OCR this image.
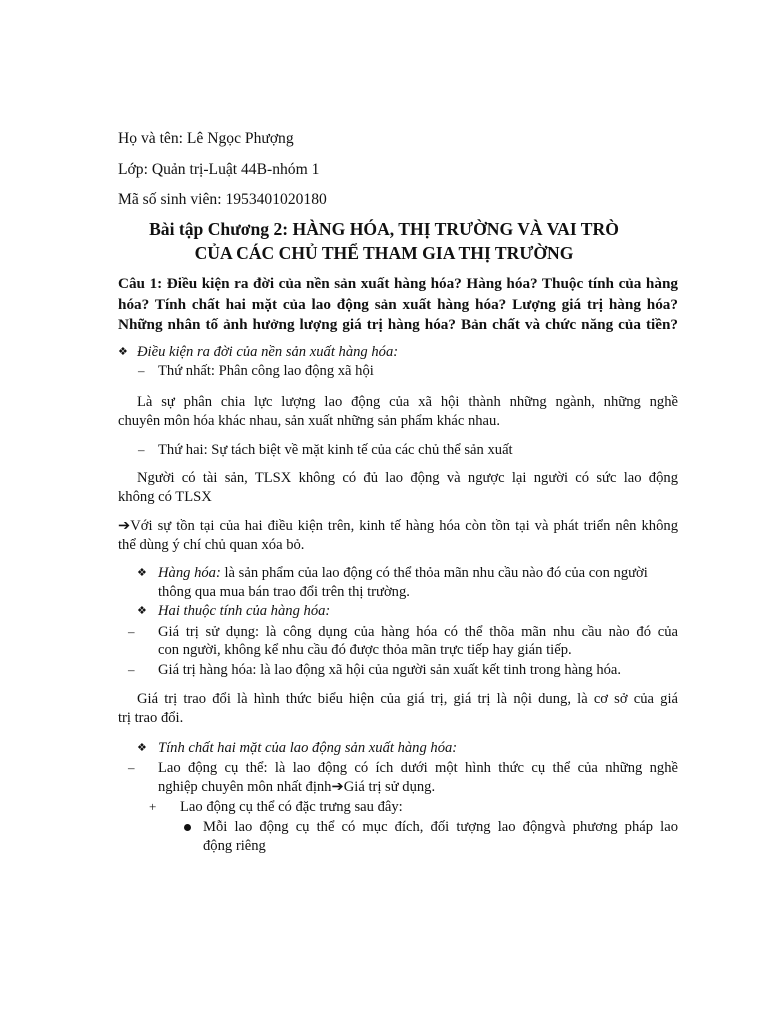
Họ và tên: Lê Ngọc Phượng
Lớp: Quản trị-Luật 44B-nhóm 1
Mã số sinh viên: 1953401020180
Bài tập Chương 2: HÀNG HÓA, THỊ TRƯỜNG VÀ VAI TRÒ
CỦA CÁC CHỦ THỂ THAM GIA THỊ TRƯỜNG
Câu 1: Điều kiện ra đời của nền sản xuất hàng hóa? Hàng hóa? Thuộc tính của hàng
hóa? Tính chất hai mặt của lao động sản xuất hàng hóa? Lượng giá trị hàng hóa?
Những nhân tố ảnh hưởng lượng giá trị hàng hóa? Bản chất và chức năng của tiền?
❖ Điều kiện ra đời của nền sản xuất hàng hóa:
– Thứ nhất: Phân công lao động xã hội
Là sự phân chia lực lượng lao động của xã hội thành những ngành, những nghề
chuyên môn hóa khác nhau, sản xuất những sản phẩm khác nhau.
– Thứ hai: Sự tách biệt về mặt kinh tế của các chủ thể sản xuất
Người có tài sản, TLSX không có đủ lao động và ngược lại người có sức lao động
không có TLSX
➔Với sự tồn tại của hai điều kiện trên, kinh tế hàng hóa còn tồn tại và phát triển nên không
thể dùng ý chí chủ quan xóa bỏ.
❖ Hàng hóa: là sản phẩm của lao động có thể thỏa mãn nhu cầu nào đó của con người
thông qua mua bán trao đổi trên thị trường.
❖ Hai thuộc tính của hàng hóa:
– Giá trị sử dụng: là công dụng của hàng hóa có thể thõa mãn nhu cầu nào đó của
con người, không kể nhu cầu đó được thỏa mãn trực tiếp hay gián tiếp.
– Giá trị hàng hóa: là lao động xã hội của người sản xuất kết tinh trong hàng hóa.
Giá trị trao đổi là hình thức biểu hiện của giá trị, giá trị là nội dung, là cơ sở của giá
trị trao đổi.
❖ Tính chất hai mặt của lao động sản xuất hàng hóa:
– Lao động cụ thể: là lao động có ích dưới một hình thức cụ thể của những nghề
nghiệp chuyên môn nhất định➔Giá trị sử dụng.
+ Lao động cụ thể có đặc trưng sau đây:
Mỗi lao động cụ thể có mục đích, đối tượng lao độngvà phương pháp lao
động riêng
